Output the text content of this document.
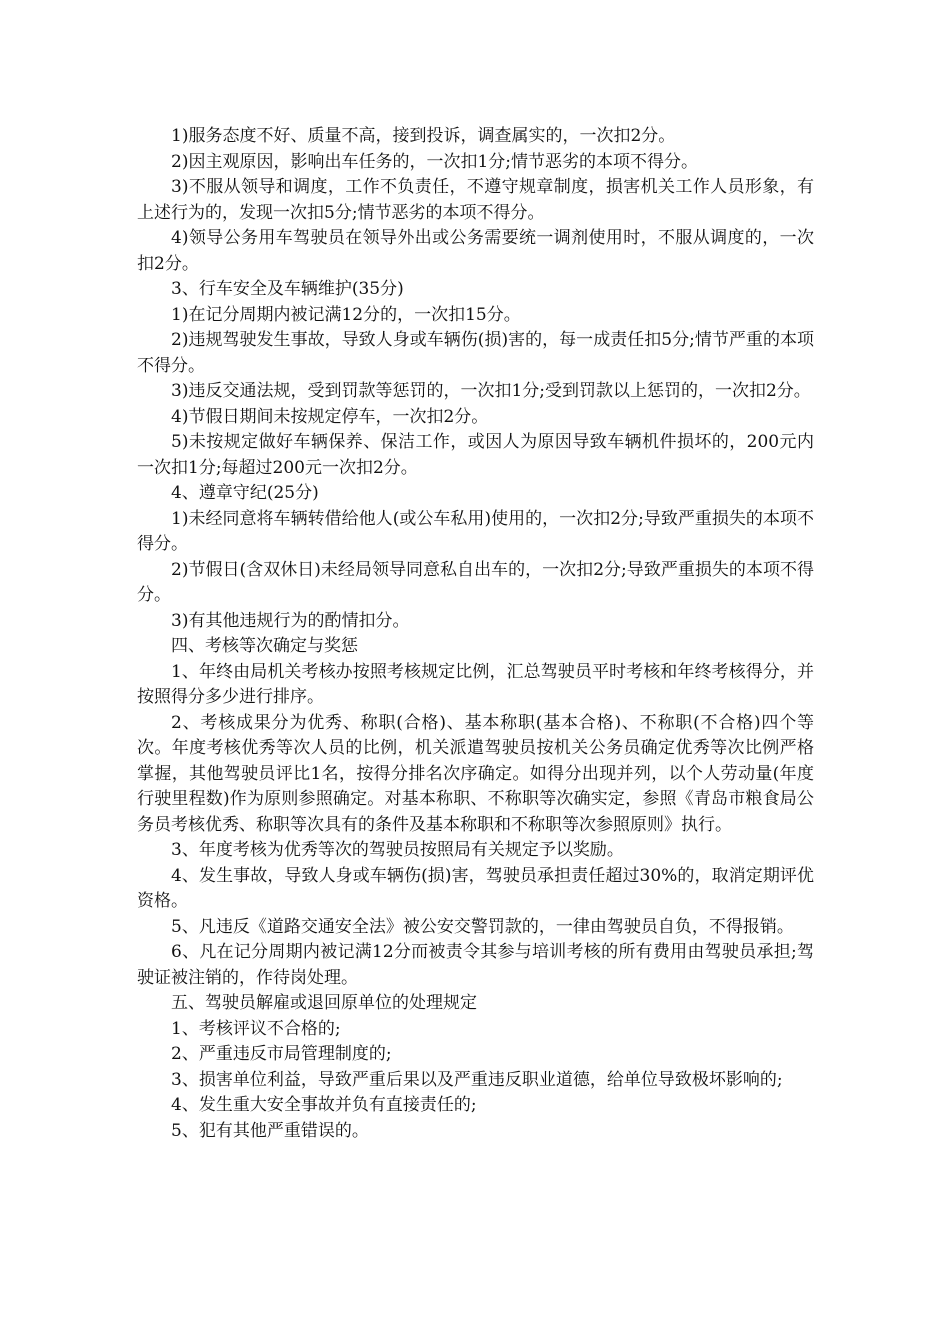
1)服务态度不好、质量不高，接到投诉，调查属实的，一次扣2分。

2)因主观原因，影响出车任务的，一次扣1分;情节恶劣的本项不得分。

3)不服从领导和调度，工作不负责任，不遵守规章制度，损害机关工作人员形象，有上述行为的，发现一次扣5分;情节恶劣的本项不得分。

4)领导公务用车驾驶员在领导外出或公务需要统一调剂使用时，不服从调度的，一次扣2分。

3、行车安全及车辆维护(35分)

1)在记分周期内被记满12分的，一次扣15分。

2)违规驾驶发生事故，导致人身或车辆伤(损)害的，每一成责任扣5分;情节严重的本项不得分。

3)违反交通法规，受到罚款等惩罚的，一次扣1分;受到罚款以上惩罚的，一次扣2分。

4)节假日期间未按规定停车，一次扣2分。

5)未按规定做好车辆保养、保洁工作，或因人为原因导致车辆机件损坏的，200元内一次扣1分;每超过200元一次扣2分。

4、遵章守纪(25分)

1)未经同意将车辆转借给他人(或公车私用)使用的，一次扣2分;导致严重损失的本项不得分。

2)节假日(含双休日)未经局领导同意私自出车的，一次扣2分;导致严重损失的本项不得分。

3)有其他违规行为的酌情扣分。

四、考核等次确定与奖惩

1、年终由局机关考核办按照考核规定比例，汇总驾驶员平时考核和年终考核得分，并按照得分多少进行排序。

2、考核成果分为优秀、称职(合格)、基本称职(基本合格)、不称职(不合格)四个等次。年度考核优秀等次人员的比例，机关派遣驾驶员按机关公务员确定优秀等次比例严格掌握，其他驾驶员评比1名，按得分排名次序确定。如得分出现并列，以个人劳动量(年度行驶里程数)作为原则参照确定。对基本称职、不称职等次确实定，参照《青岛市粮食局公务员考核优秀、称职等次具有的条件及基本称职和不称职等次参照原则》执行。

3、年度考核为优秀等次的驾驶员按照局有关规定予以奖励。

4、发生事故，导致人身或车辆伤(损)害，驾驶员承担责任超过30%的，取消定期评优资格。

5、凡违反《道路交通安全法》被公安交警罚款的，一律由驾驶员自负，不得报销。

6、凡在记分周期内被记满12分而被责令其参与培训考核的所有费用由驾驶员承担;驾驶证被注销的，作待岗处理。

五、驾驶员解雇或退回原单位的处理规定

1、考核评议不合格的;

2、严重违反市局管理制度的;

3、损害单位利益，导致严重后果以及严重违反职业道德，给单位导致极坏影响的;

4、发生重大安全事故并负有直接责任的;

5、犯有其他严重错误的。
